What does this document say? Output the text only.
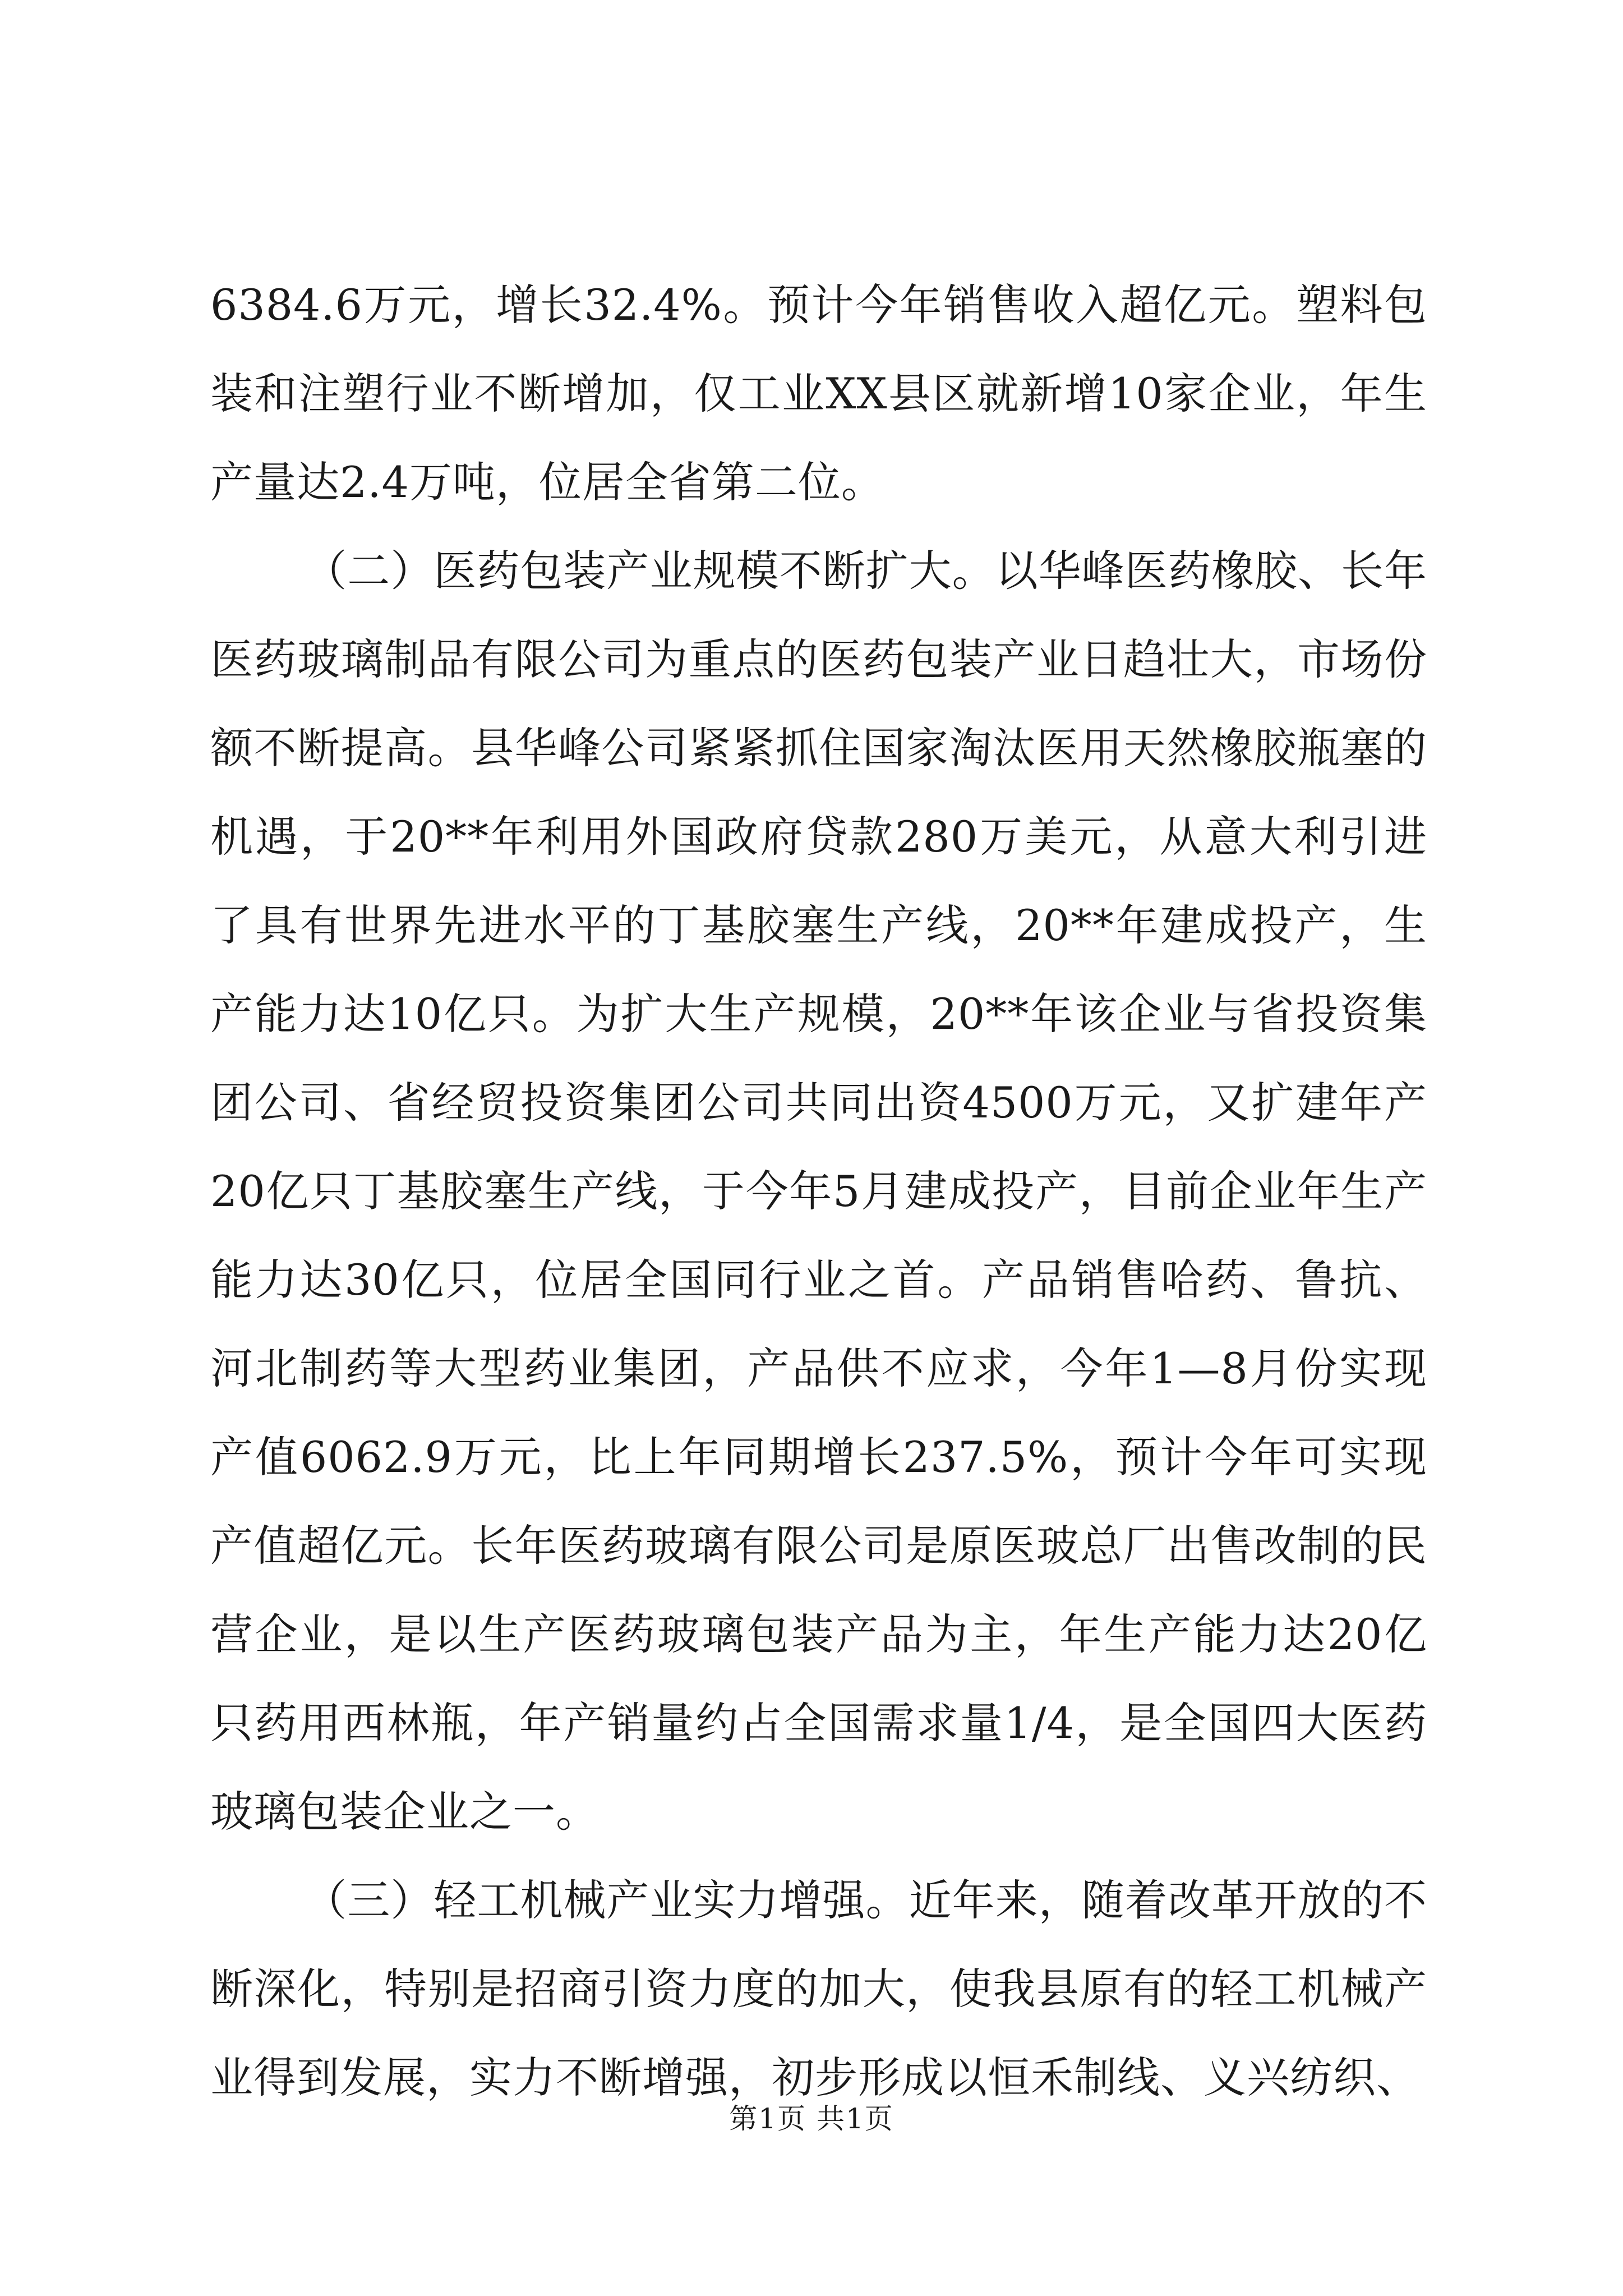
6384.6万元，增长32.4%。预计今年销售收入超亿元。塑料包装和注塑行业不断增加，仅工业XX县区就新增10家企业，年生产量达2.4万吨，位居全省第二位。

（二）医药包装产业规模不断扩大。以华峰医药橡胶、长年医药玻璃制品有限公司为重点的医药包装产业日趋壮大，市场份额不断提高。县华峰公司紧紧抓住国家淘汰医用天然橡胶瓶塞的机遇，于20**年利用外国政府贷款280万美元，从意大利引进了具有世界先进水平的丁基胶塞生产线，20**年建成投产，生产能力达10亿只。为扩大生产规模，20**年该企业与省投资集团公司、省经贸投资集团公司共同出资4500万元，又扩建年产20亿只丁基胶塞生产线，于今年5月建成投产，目前企业年生产能力达30亿只，位居全国同行业之首。产品销售哈药、鲁抗、河北制药等大型药业集团，产品供不应求，今年1—8月份实现产值6062.9万元，比上年同期增长237.5%，预计今年可实现产值超亿元。长年医药玻璃有限公司是原医玻总厂出售改制的民营企业，是以生产医药玻璃包装产品为主，年生产能力达20亿只药用西林瓶，年产销量约占全国需求量1/4，是全国四大医药玻璃包装企业之一。

（三）轻工机械产业实力增强。近年来，随着改革开放的不断深化，特别是招商引资力度的加大，使我县原有的轻工机械产业得到发展，实力不断增强，初步形成以恒禾制线、义兴纺织、

第1页 共1页
